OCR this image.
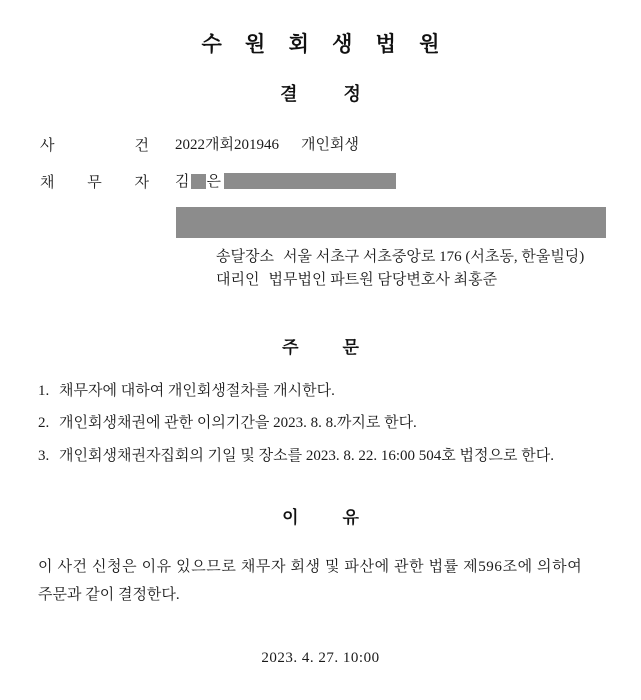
수 원 회 생 법 원
결	정
사	건 2022개회201946 개인회생
채 무 자 김 은
송달장소 서울 서초구 서초중앙로 176 (서초동, 한울빌딩)
대리인 법무법인 파트원 담당변호사 최홍준
주	문
1. 채무자에 대하여 개인회생절차를 개시한다.
2. 개인회생채권에 관한 이의기간을 2023. 8. 8.까지로 한다.
3. 개인회생채권자집회의 기일 및 장소를 2023. 8. 22. 16:00 504호 법정으로 한다.
이	유
이 사건 신청은 이유 있으므로 채무자 회생 및 파산에 관한 법률 제596조에 의하여
주문과 같이 결정한다.
2023. 4. 27. 10:00
